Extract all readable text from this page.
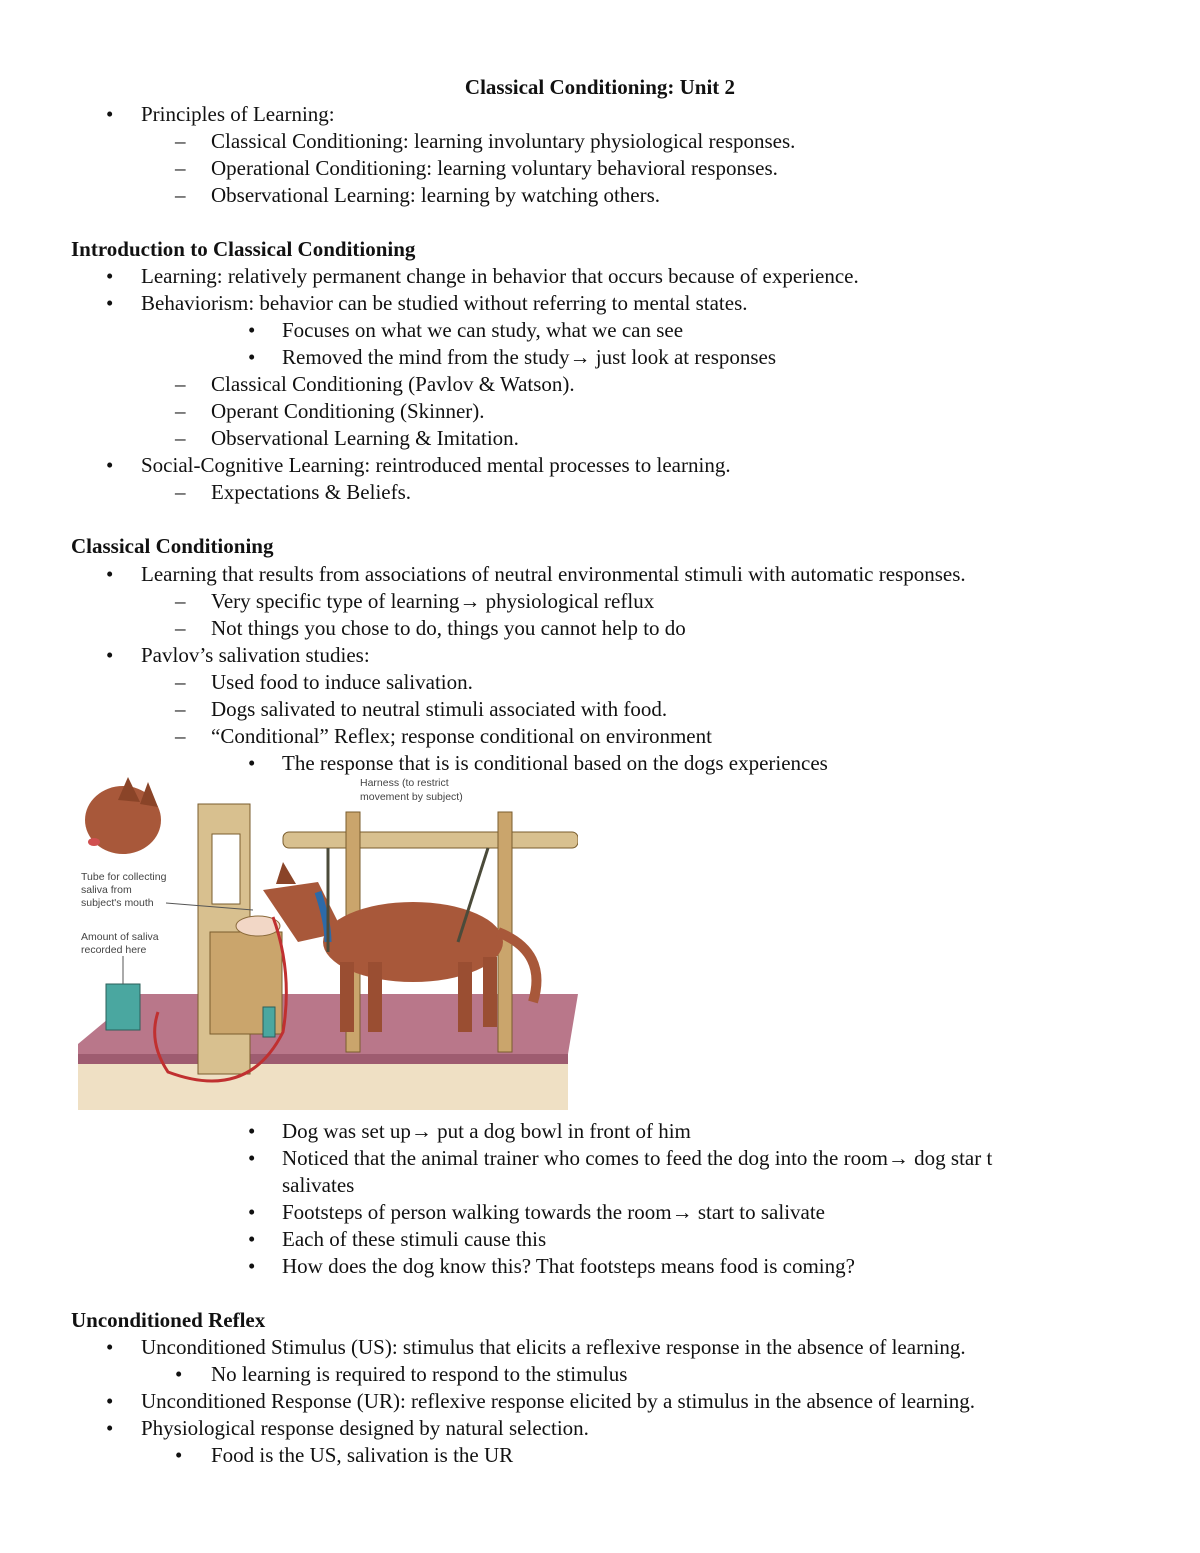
Classical Conditioning: Unit 2
• Principles of Learning:
– Classical Conditioning: learning involuntary physiological responses.
– Operational Conditioning: learning voluntary behavioral responses.
– Observational Learning: learning by watching others.
Introduction to Classical Conditioning
• Learning: relatively permanent change in behavior that occurs because of experience.
• Behaviorism: behavior can be studied without referring to mental states.
• Focuses on what we can study, what we can see
• Removed the mind from the study→ just look at responses
– Classical Conditioning (Pavlov & Watson).
– Operant Conditioning (Skinner).
– Observational Learning & Imitation.
• Social-Cognitive Learning: reintroduced mental processes to learning.
– Expectations & Beliefs.
Classical Conditioning
• Learning that results from associations of neutral environmental stimuli with automatic responses.
– Very specific type of learning→ physiological reflux
– Not things you chose to do, things you cannot help to do
• Pavlov’s salivation studies:
– Used food to induce salivation.
– Dogs salivated to neutral stimuli associated with food.
– “Conditional” Reflex; response conditional on environment
• The response that is is conditional based on the dogs experiences
Harness (to restrict
movement by subject)
Tube for collecting
saliva from
subject's mouth
Amount of saliva
recorded here
• Dog was set up→ put a dog bowl in front of him
• Noticed that the animal trainer who comes to feed the dog into the room→ dog star t
salivates
• Footsteps of person walking towards the room→ start to salivate
• Each of these stimuli cause this
• How does the dog know this? That footsteps means food is coming?
Unconditioned Reflex
• Unconditioned Stimulus (US): stimulus that elicits a reflexive response in the absence of learning.
• No learning is required to respond to the stimulus
• Unconditioned Response (UR): reflexive response elicited by a stimulus in the absence of learning.
• Physiological response designed by natural selection.
• Food is the US, salivation is the UR
